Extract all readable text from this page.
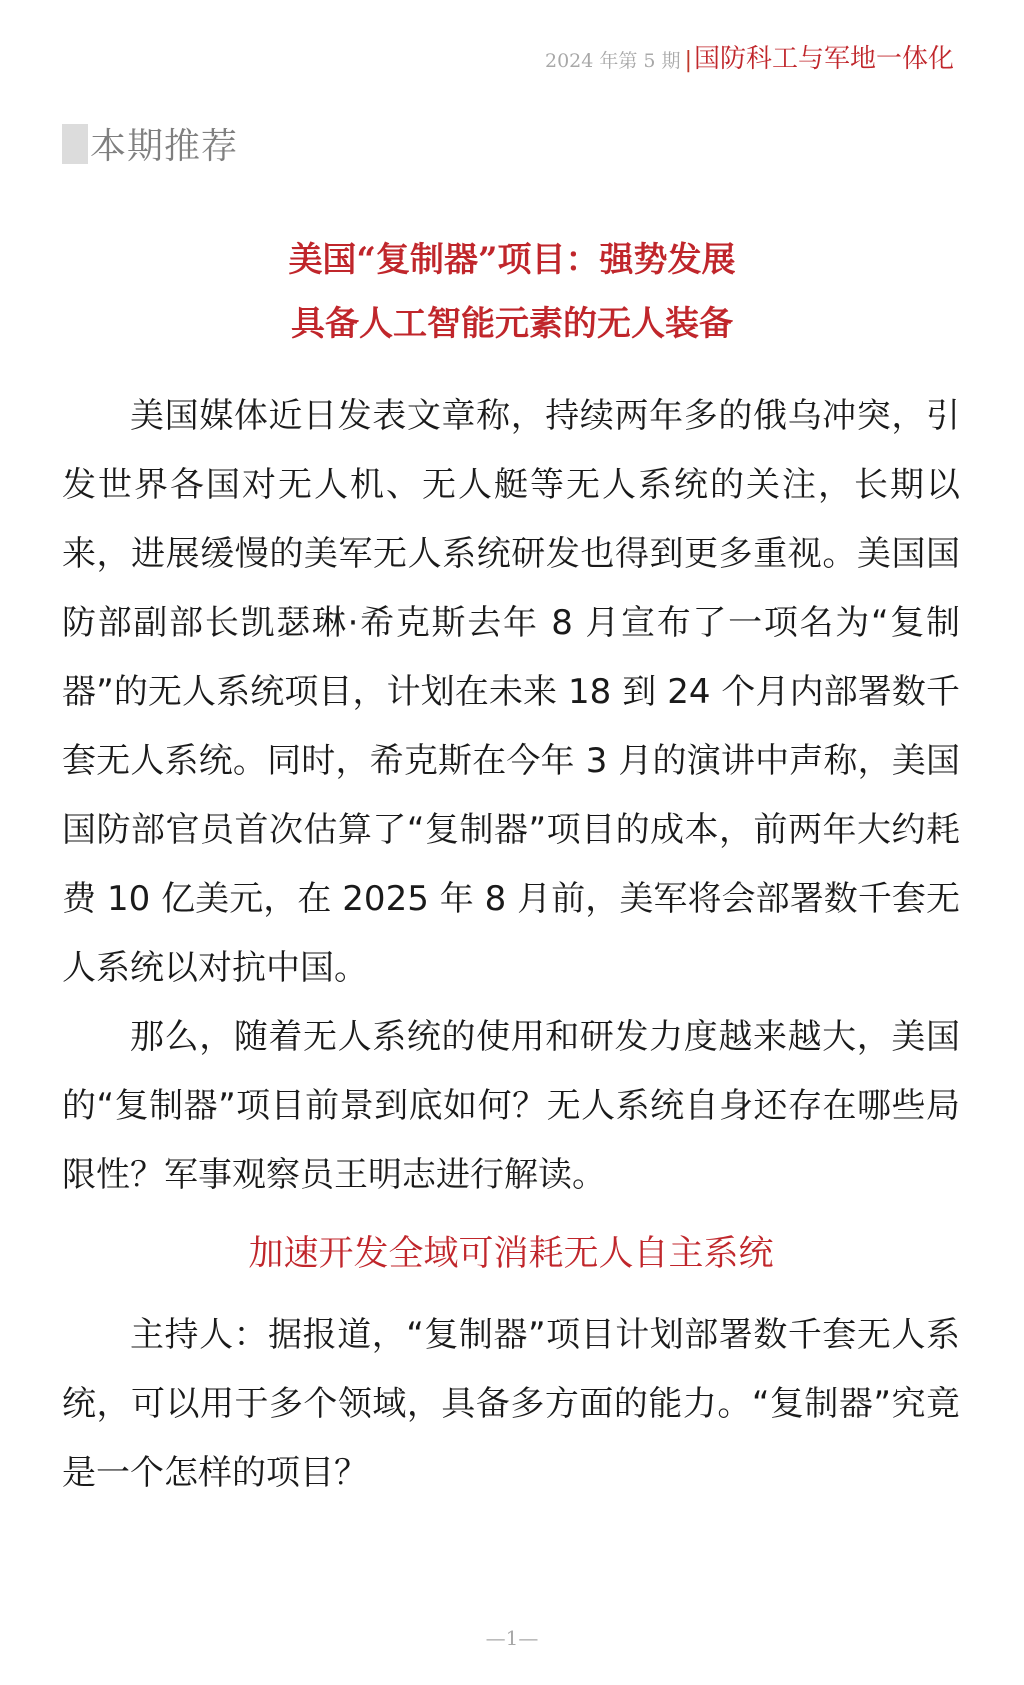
2024 年第 5 期 | 国防科工与军地一体化
本期推荐
美国“复制器”项目：强势发展
具备人工智能元素的无人装备

美国媒体近日发表文章称，持续两年多的俄乌冲突，引发世界各国对无人机、无人艇等无人系统的关注，长期以来，进展缓慢的美军无人系统研发也得到更多重视。美国国防部副部长凯瑟琳·希克斯去年 8 月宣布了一项名为“复制器”的无人系统项目，计划在未来 18 到 24 个月内部署数千套无人系统。同时，希克斯在今年 3 月的演讲中声称，美国国防部官员首次估算了“复制器”项目的成本，前两年大约耗费 10 亿美元，在 2025 年 8 月前，美军将会部署数千套无人系统以对抗中国。

那么，随着无人系统的使用和研发力度越来越大，美国的“复制器”项目前景到底如何？无人系统自身还存在哪些局限性？军事观察员王明志进行解读。

加速开发全域可消耗无人自主系统

主持人：据报道，“复制器”项目计划部署数千套无人系统，可以用于多个领域，具备多方面的能力。“复制器”究竟是一个怎样的项目？

—1—
